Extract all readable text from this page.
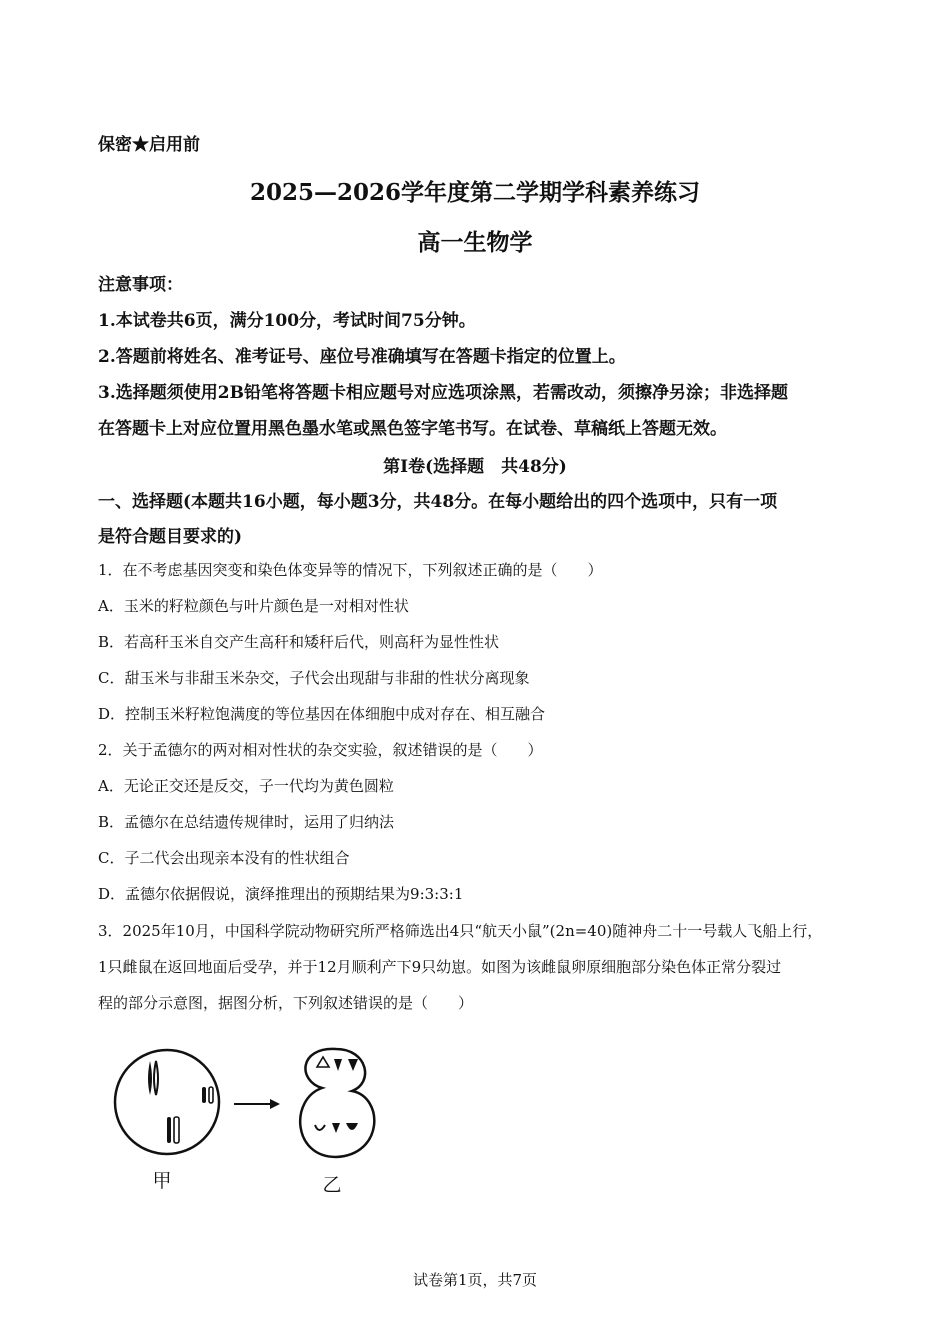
保密★启用前
2025—2026学年度第二学期学科素养练习
高一生物学
注意事项：
1.本试卷共6页，满分100分，考试时间75分钟。
2.答题前将姓名、准考证号、座位号准确填写在答题卡指定的位置上。
3.选择题须使用2B铅笔将答题卡相应题号对应选项涂黑，若需改动，须擦净另涂；非选择题
在答题卡上对应位置用黑色墨水笔或黑色签字笔书写。在试卷、草稿纸上答题无效。
第Ⅰ卷(选择题　共48分)
一、选择题(本题共16小题，每小题3分，共48分。在每小题给出的四个选项中，只有一项
是符合题目要求的)
1．在不考虑基因突变和染色体变异等的情况下，下列叙述正确的是（　　）
A．玉米的籽粒颜色与叶片颜色是一对相对性状
B．若高秆玉米自交产生高秆和矮秆后代，则高秆为显性性状
C．甜玉米与非甜玉米杂交，子代会出现甜与非甜的性状分离现象
D．控制玉米籽粒饱满度的等位基因在体细胞中成对存在、相互融合
2．关于孟德尔的两对相对性状的杂交实验，叙述错误的是（　　）
A．无论正交还是反交，子一代均为黄色圆粒
B．孟德尔在总结遗传规律时，运用了归纳法
C．子二代会出现亲本没有的性状组合
D．孟德尔依据假说，演绎推理出的预期结果为9:3:3:1
3．2025年10月，中国科学院动物研究所严格筛选出4只“航天小鼠”(2n=40)随神舟二十一号载人飞船上行，
1只雌鼠在返回地面后受孕，并于12月顺利产下9只幼崽。如图为该雌鼠卵原细胞部分染色体正常分裂过
程的部分示意图，据图分析，下列叙述错误的是（　　）
甲	乙
试卷第1页，共7页
